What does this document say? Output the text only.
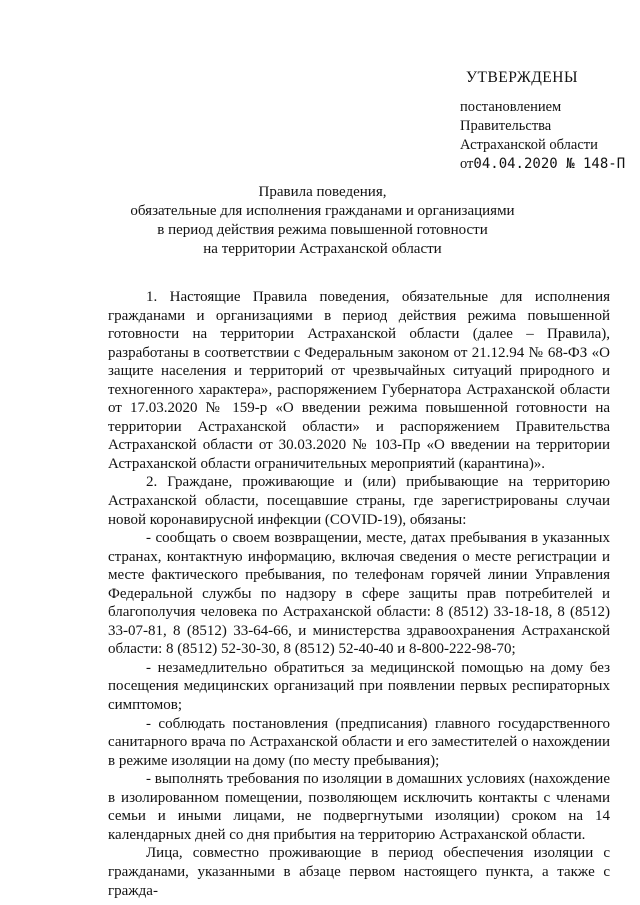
УТВЕРЖДЕНЫ
постановлением
Правительства
Астраханской области
от04.04.2020 № 148-П
Правила поведения,
обязательные для исполнения гражданами и организациями
в период действия режима повышенной готовности
на территории Астраханской области

1. Настоящие Правила поведения, обязательные для исполнения гражданами и организациями в период действия режима повышенной готовности на территории Астраханской области (далее – Правила), разработаны в соответствии с Федеральным законом от 21.12.94 № 68-ФЗ «О защите населения и территорий от чрезвычайных ситуаций природного и техногенного характера», распоряжением Губернатора Астраханской области от 17.03.2020 № 159-р «О введении режима повышенной готовности на территории Астраханской области» и распоряжением Правительства Астраханской области от 30.03.2020 № 103-Пр «О введении на территории Астраханской области ограничительных мероприятий (карантина)».

2. Граждане, проживающие и (или) прибывающие на территорию Астраханской области, посещавшие страны, где зарегистрированы случаи новой коронавирусной инфекции (COVID-19), обязаны:

- сообщать о своем возвращении, месте, датах пребывания в указанных странах, контактную информацию, включая сведения о месте регистрации и месте фактического пребывания, по телефонам горячей линии Управления Федеральной службы по надзору в сфере защиты прав потребителей и благополучия человека по Астраханской области: 8 (8512) 33-18-18, 8 (8512) 33-07-81, 8 (8512) 33-64-66, и министерства здравоохранения Астраханской области: 8 (8512) 52-30-30, 8 (8512) 52-40-40 и 8-800-222-98-70;

- незамедлительно обратиться за медицинской помощью на дому без посещения медицинских организаций при появлении первых респираторных симптомов;

- соблюдать постановления (предписания) главного государственного санитарного врача по Астраханской области и его заместителей о нахождении в режиме изоляции на дому (по месту пребывания);

- выполнять требования по изоляции в домашних условиях (нахождение в изолированном помещении, позволяющем исключить контакты с членами семьи и иными лицами, не подвергнутыми изоляции) сроком на 14 календарных дней со дня прибытия на территорию Астраханской области.

Лица, совместно проживающие в период обеспечения изоляции с гражданами, указанными в абзаце первом настоящего пункта, а также с гражда-
